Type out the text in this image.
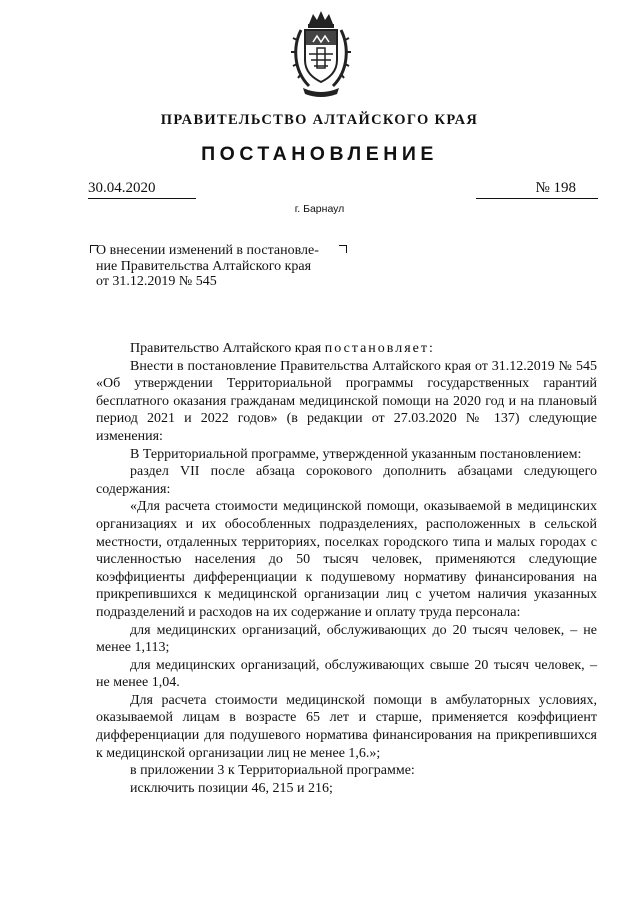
ПРАВИТЕЛЬСТВО АЛТАЙСКОГО КРАЯ
ПОСТАНОВЛЕНИЕ
30.04.2020	№ 198
г. Барнаул
О внесении изменений в постановле-
ние Правительства Алтайского края
от 31.12.2019 № 545

Правительство Алтайского края постановляет:

Внести в постановление Правительства Алтайского края от 31.12.2019 № 545 «Об утверждении Территориальной программы государственных гарантий бесплатного оказания гражданам медицинской помощи на 2020 год и на плановый период 2021 и 2022 годов» (в редакции от 27.03.2020 № 137) следующие изменения:

В Территориальной программе, утвержденной указанным постановлением:

раздел VII после абзаца сорокового дополнить абзацами следующего содержания:

«Для расчета стоимости медицинской помощи, оказываемой в медицинских организациях и их обособленных подразделениях, расположенных в сельской местности, отдаленных территориях, поселках городского типа и малых городах с численностью населения до 50 тысяч человек, применяются следующие коэффициенты дифференциации к подушевому нормативу финансирования на прикрепившихся к медицинской организации лиц с учетом наличия указанных подразделений и расходов на их содержание и оплату труда персонала:

для медицинских организаций, обслуживающих до 20 тысяч человек, – не менее 1,113;

для медицинских организаций, обслуживающих свыше 20 тысяч человек, – не менее 1,04.

Для расчета стоимости медицинской помощи в амбулаторных условиях, оказываемой лицам в возрасте 65 лет и старше, применяется коэффициент дифференциации для подушевого норматива финансирования на прикрепившихся к медицинской организации лиц не менее 1,6.»;

в приложении 3 к Территориальной программе:

исключить позиции 46, 215 и 216;
